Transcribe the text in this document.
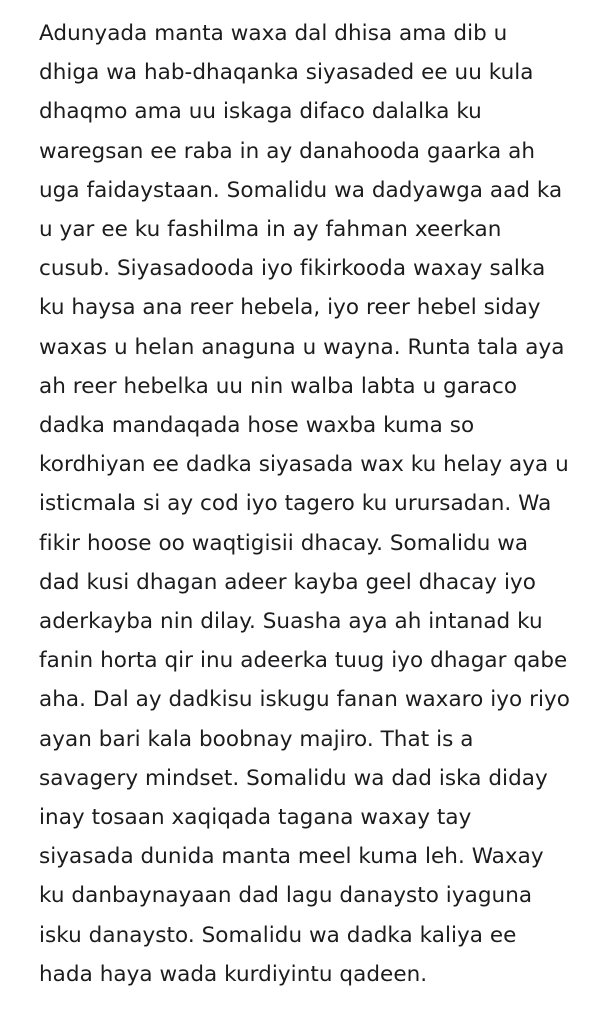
Adunyada manta waxa dal dhisa ama dib u
dhiga wa hab-dhaqanka siyasaded ee uu kula
dhaqmo ama uu iskaga difaco dalalka ku
waregsan ee raba in ay danahooda gaarka ah
uga faidaystaan. Somalidu wa dadyawga aad ka
u yar ee ku fashilma in ay fahman xeerkan
cusub. Siyasadooda iyo fikirkooda waxay salka
ku haysa ana reer hebela, iyo reer hebel siday
waxas u helan anaguna u wayna. Runta tala aya
ah reer hebelka uu nin walba labta u garaco
dadka mandaqada hose waxba kuma so
kordhiyan ee dadka siyasada wax ku helay aya u
isticmala si ay cod iyo tagero ku urursadan. Wa
fikir hoose oo waqtigisii dhacay. Somalidu wa
dad kusi dhagan adeer kayba geel dhacay iyo
aderkayba nin dilay. Suasha aya ah intanad ku
fanin horta qir inu adeerka tuug iyo dhagar qabe
aha. Dal ay dadkisu iskugu fanan waxaro iyo riyo
ayan bari kala boobnay majiro. That is a
savagery mindset. Somalidu wa dad iska diday
inay tosaan xaqiqada tagana waxay tay
siyasada dunida manta meel kuma leh. Waxay
ku danbaynayaan dad lagu danaysto iyaguna
isku danaysto. Somalidu wa dadka kaliya ee
hada haya wada kurdiyintu qadeen.
